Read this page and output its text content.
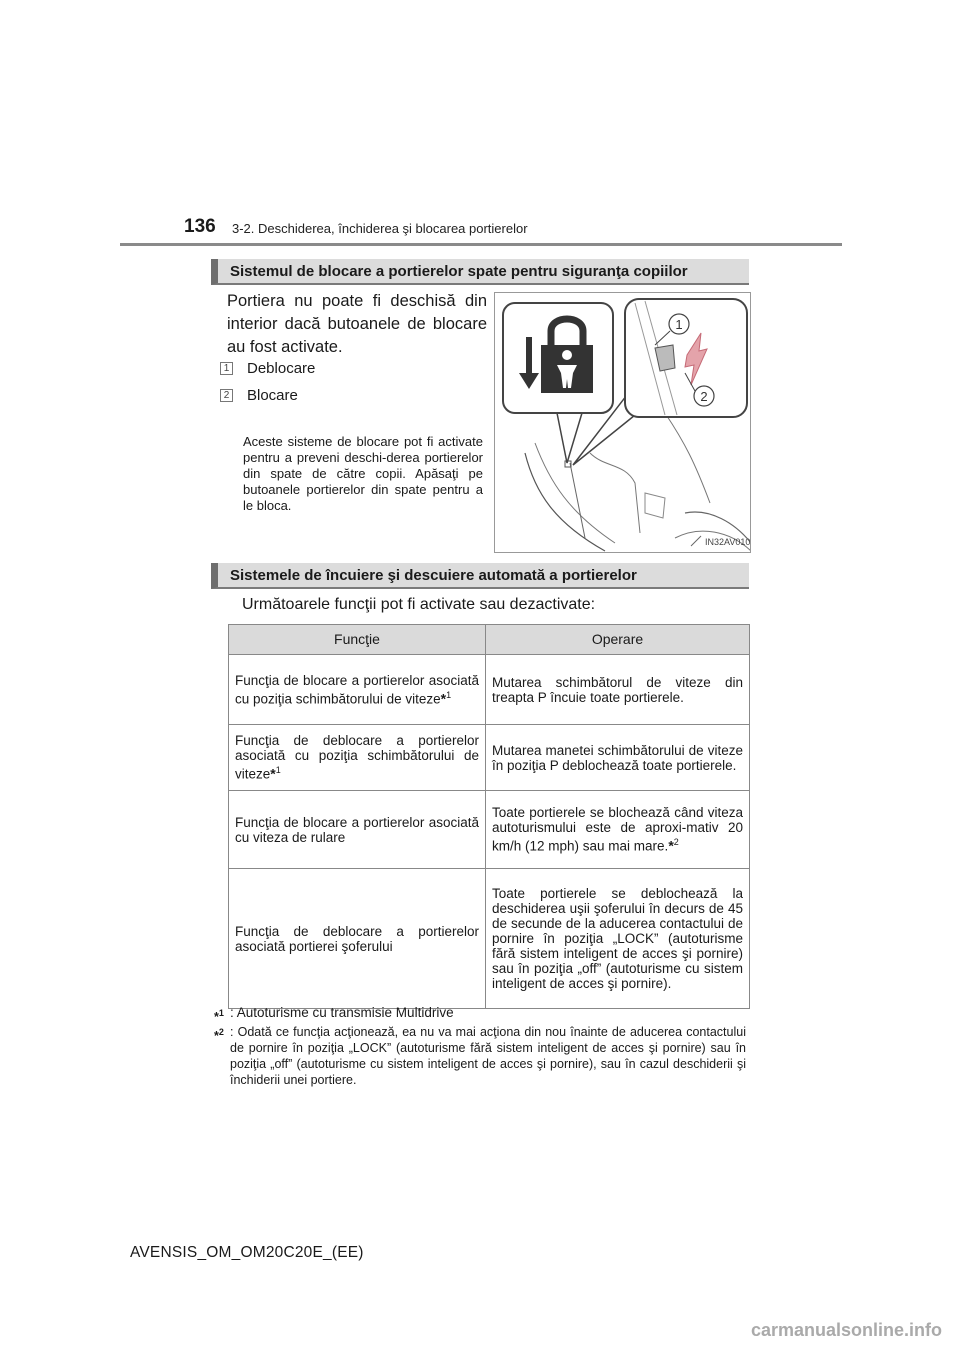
136 3-2. Deschiderea, închiderea şi blocarea portierelor
Sistemul de blocare a portierelor spate pentru siguranţa copiilor

Portiera nu poate fi deschisă din interior dacă butoanele de blocare au fost activate.

1 Deblocare
2 Blocare
Aceste sisteme de blocare pot fi activate pentru a preveni deschi-derea portierelor din spate de către copii. Apăsaţi pe butoanele portierelor din spate pentru a le bloca.
1
2
IN32AV010
Sistemele de încuiere şi descuiere automată a portierelor
Următoarele funcţii pot fi activate sau dezactivate:
Funcţie	Operare
Funcţia de blocare a portierelor asociată cu poziţia schimbătorului de viteze*$^1$	Mutarea schimbătorul de viteze din treapta P încuie toate portierele.
Funcţia de deblocare a portierelor asociată cu poziţia schimbătorului de viteze*$^1$	Mutarea manetei schimbătorului de viteze în poziţia P deblochează toate portierele.
Funcţia de blocare a portierelor asociată cu viteza de rulare	Toate portierele se blochează când viteza autoturismului este de aproxi-mativ 20 km/h (12 mph) sau mai mare.*$^2$
Funcţia de deblocare a portierelor asociată portierei şoferului	Toate portierele se deblochează la deschiderea uşii şoferului în decurs de 45 de secunde de la aducerea contactului de pornire în poziţia „LOCK” (autoturisme fără sistem inteligent de acces şi pornire) sau în poziţia „off” (autoturisme cu sistem inteligent de acces şi pornire).
*$^1$ : Autoturisme cu transmisie Multidrive
*$^2$ : Odată ce funcţia acţionează, ea nu va mai acţiona din nou înainte de aducerea contactului de pornire în poziţia „LOCK” (autoturisme fără sistem inteligent de acces şi pornire) sau în poziţia „off” (autoturisme cu sistem inteligent de acces şi pornire), sau în cazul deschiderii şi închiderii unei portiere.
AVENSIS_OM_OM20C20E_(EE)
carmanualsonline.info
